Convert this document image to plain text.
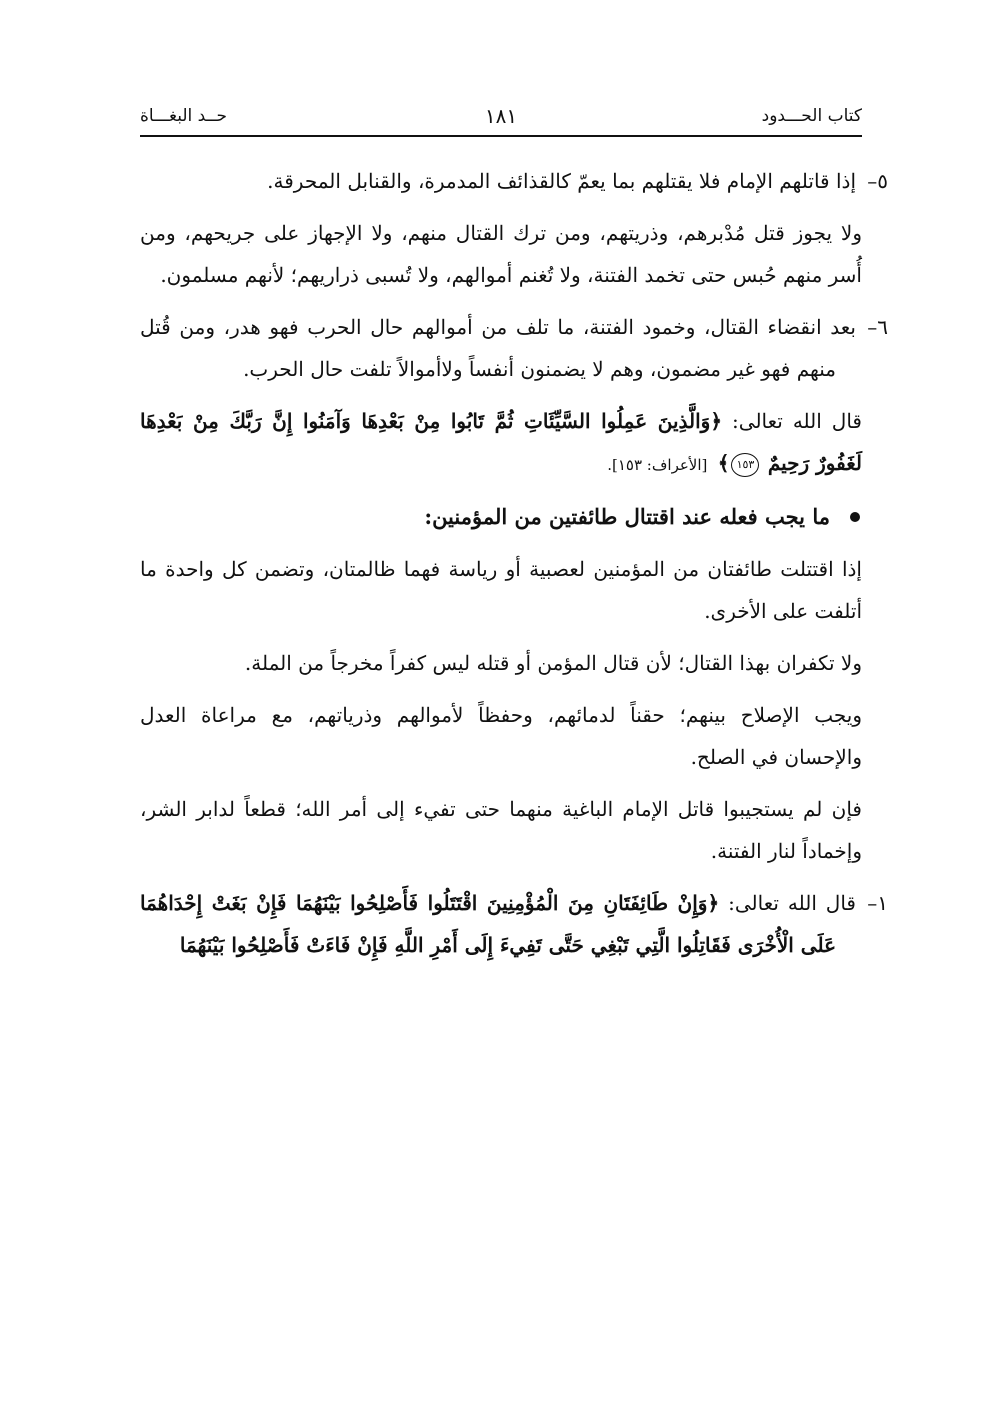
كتاب الحـــدود
١٨١
حــد البغـــاة

٥–إذا قاتلهم الإمام فلا يقتلهم بما يعمّ كالقذائف المدمرة، والقنابل المحرقة.

ولا يجوز قتل مُدْبرهم، وذريتهم، ومن ترك القتال منهم، ولا الإجهاز على جريحهم، ومن أُسر منهم حُبس حتى تخمد الفتنة، ولا تُغنم أموالهم، ولا تُسبى ذراريهم؛ لأنهم مسلمون.

٦–بعد انقضاء القتال، وخمود الفتنة، ما تلف من أموالهم حال الحرب فهو هدر، ومن قُتل منهم فهو غير مضمون، وهم لا يضمنون أنفساً ولاأموالاً تلفت حال الحرب.

قال الله تعالى: ﴿وَالَّذِينَ عَمِلُوا السَّيِّئَاتِ ثُمَّ تَابُوا مِنْ بَعْدِهَا وَآمَنُوا إِنَّ رَبَّكَ مِنْ بَعْدِهَا لَغَفُورٌ رَحِيمٌ ١٥٣﴾ [الأعراف: ١٥٣].

ما يجب فعله عند اقتتال طائفتين من المؤمنين:

إذا اقتتلت طائفتان من المؤمنين لعصبية أو رياسة فهما ظالمتان، وتضمن كل واحدة ما أتلفت على الأخرى.

ولا تكفران بهذا القتال؛ لأن قتال المؤمن أو قتله ليس كفراً مخرجاً من الملة.

ويجب الإصلاح بينهم؛ حقناً لدمائهم، وحفظاً لأموالهم وذرياتهم، مع مراعاة العدل والإحسان في الصلح.

فإن لم يستجيبوا قاتل الإمام الباغية منهما حتى تفيء إلى أمر الله؛ قطعاً لدابر الشر، وإخماداً لنار الفتنة.

١–قال الله تعالى: ﴿وَإِنْ طَائِفَتَانِ مِنَ الْمُؤْمِنِينَ اقْتَتَلُوا فَأَصْلِحُوا بَيْنَهُمَا فَإِنْ بَغَتْ إِحْدَاهُمَا عَلَى الْأُخْرَى فَقَاتِلُوا الَّتِي تَبْغِي حَتَّى تَفِيءَ إِلَى أَمْرِ اللَّهِ فَإِنْ فَاءَتْ فَأَصْلِحُوا بَيْنَهُمَا
